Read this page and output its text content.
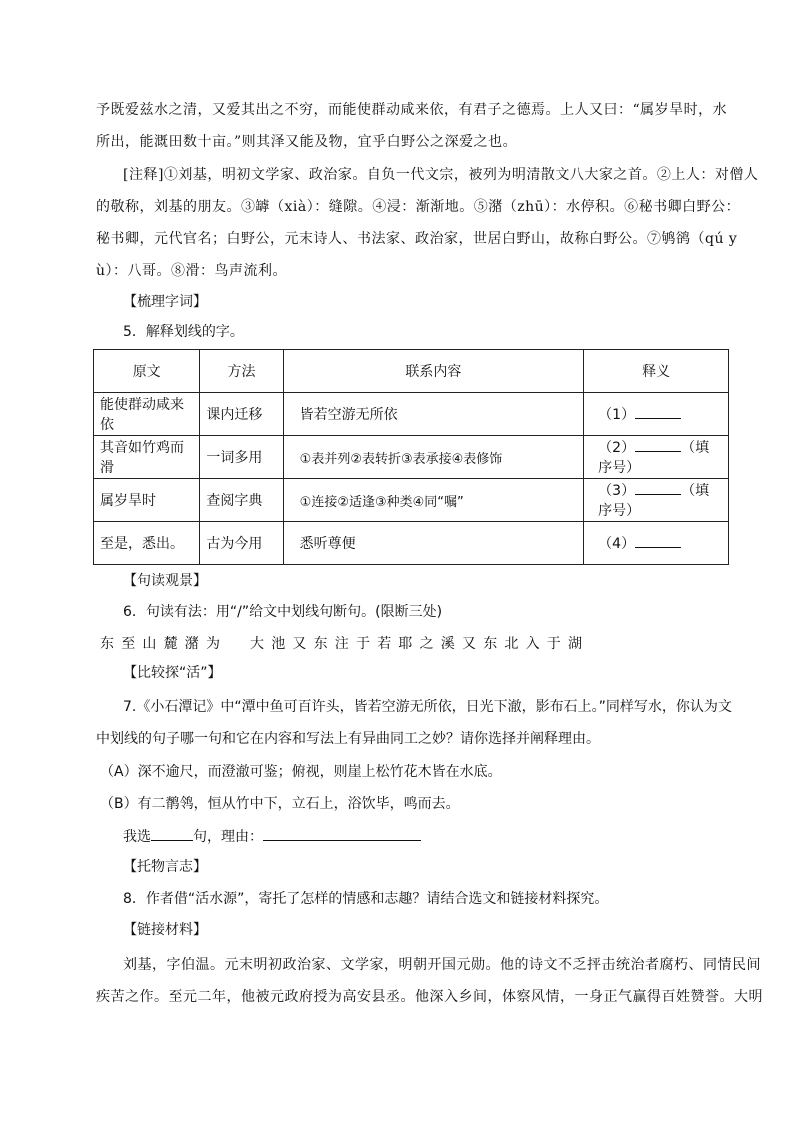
予既爱兹水之清，又爱其出之不穷，而能使群动咸来依，有君子之德焉。上人又曰：“属岁旱时，水
所出，能溉田数十亩。”则其泽又能及物，宜乎白野公之深爱之也。
[注释]①刘基，明初文学家、政治家。自负一代文宗，被列为明清散文八大家之首。②上人：对僧人
的敬称，刘基的朋友。③罅（xià）：缝隙。④浸：渐渐地。⑤潴（zhū）：水停积。⑥秘书卿白野公：
秘书卿，元代官名；白野公，元末诗人、书法家、政治家，世居白野山，故称白野公。⑦鸲鹆（qú y
ù）：八哥。⑧滑：鸟声流利。
【梳理字词】
5．解释划线的字。
原文	方法	联系内容	释义
能使群动咸来依	课内迁移	皆若空游无所依	（1）
其音如竹鸡而滑	一词多用	①表并列②表转折③表承接④表修饰	（2） （填序号）
属岁旱时	查阅字典	①连接②适逢③种类④同“嘱”	（3） （填序号）
至是，悉出。	古为今用	悉听尊便	（4）
【句读观景】
6．句读有法：用“/”给文中划线句断句。(限断三处)
东至山麓潴为 大池又东注于若耶之溪又东北入于湖
【比较探“活”】
7.《小石潭记》中“潭中鱼可百许头，皆若空游无所依，日光下澈，影布石上。”同样写水，你认为文
中划线的句子哪一句和它在内容和写法上有异曲同工之妙？请你选择并阐释理由。
（A）深不逾尺，而澄澈可鉴；俯视，则崖上松竹花木皆在水底。
（B）有二鹡鸰，恒从竹中下，立石上，浴饮毕，鸣而去。
我选	句，理由：
【托物言志】
8．作者借“活水源”，寄托了怎样的情感和志趣？请结合选文和链接材料探究。
【链接材料】
刘基，字伯温。元末明初政治家、文学家，明朝开国元勋。他的诗文不乏抨击统治者腐朽、同情民间
疾苦之作。至元二年，他被元政府授为高安县丞。他深入乡间，体察风情，一身正气赢得百姓赞誉。大明
